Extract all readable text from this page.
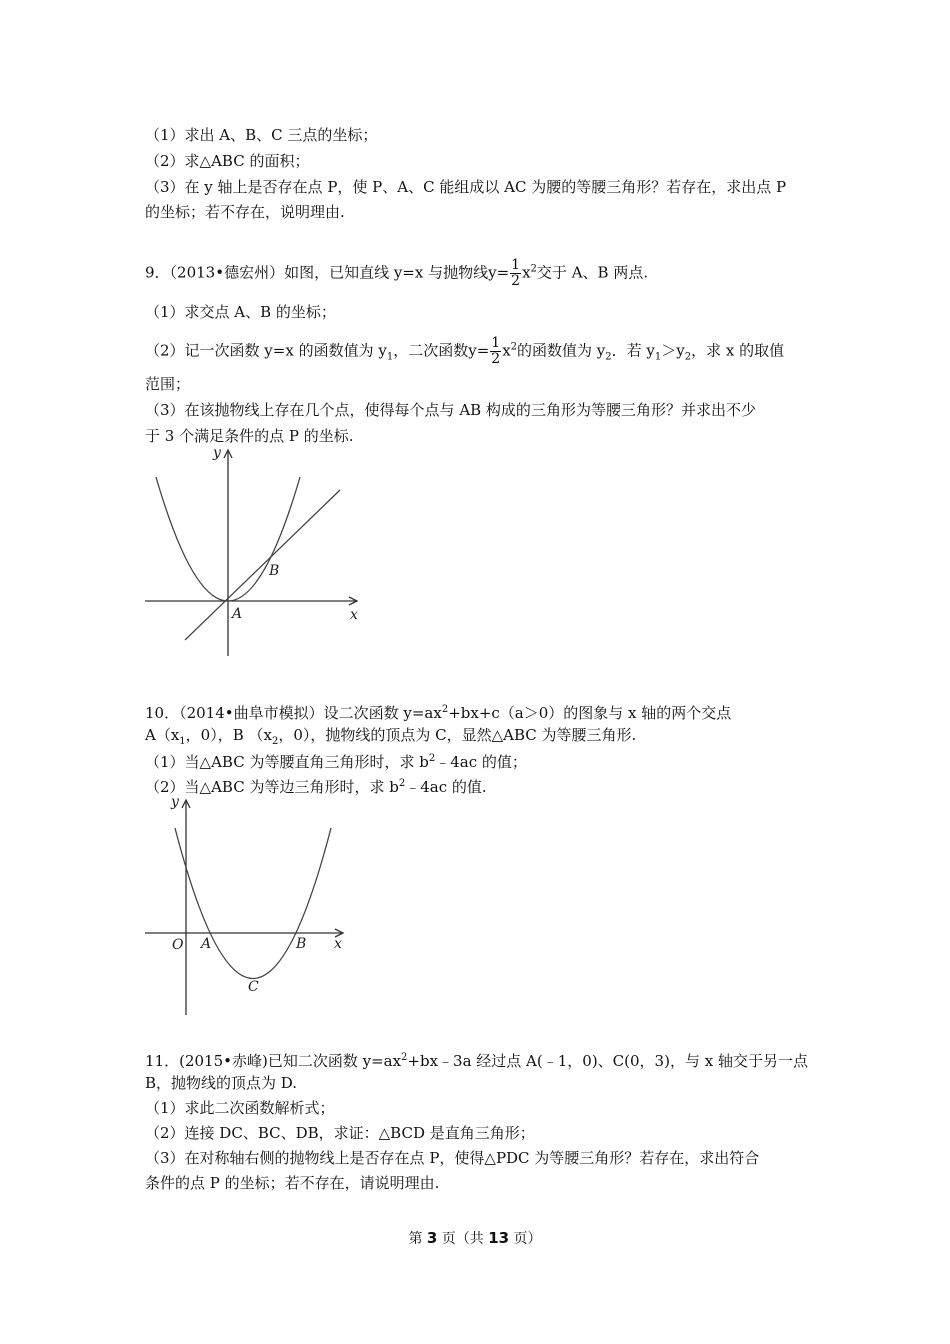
（1）求出 A、B、C 三点的坐标；
（2）求△ABC 的面积；
（3）在 y 轴上是否存在点 P，使 P、A、C 能组成以 AC 为腰的等腰三角形？若存在，求出点 P
的坐标；若不存在，说明理由.
9．（2013•德宏州）如图，已知直线 y=x 与抛物线$y= \frac{1}{2} x^2$交于 A、B 两点.
（1）求交点 A、B 的坐标；
（2）记一次函数 y=x 的函数值为 $y_1$，二次函数$y= \frac{1}{2} x^2$的函数值为 $y_2$．若 $y_1>y_2$，求 x 的取值
范围；
（3）在该抛物线上存在几个点，使得每个点与 AB 构成的三角形为等腰三角形？并求出不少
于 3 个满足条件的点 P 的坐标.
y
x
A
B
10．（2014•曲阜市模拟）设二次函数 $y=ax^2+bx+c(a>0)$的图象与 x 轴的两个交点
$A(x_1$，0），B （$x_2$，0），抛物线的顶点为 C，显然△ABC 为等腰三角形.
（1）当△ABC 为等腰直角三角形时，求 $b^2﹣4ac$ 的值；
（2）当△ABC 为等边三角形时，求 $b^2﹣4ac$ 的值.
y
x
O A	B
C
11．(2015•赤峰)已知二次函数 $y=ax^2+bx﹣3a$ 经过点 A(﹣1，0)、C(0，3)，与 x 轴交于另一点
B，抛物线的顶点为 D.
（1）求此二次函数解析式；
（2）连接 DC、BC、DB，求证：△BCD 是直角三角形；
（3）在对称轴右侧的抛物线上是否存在点 P，使得△PDC 为等腰三角形？若存在，求出符合
条件的点 P 的坐标；若不存在，请说明理由.
第 3 页（共 13 页）
